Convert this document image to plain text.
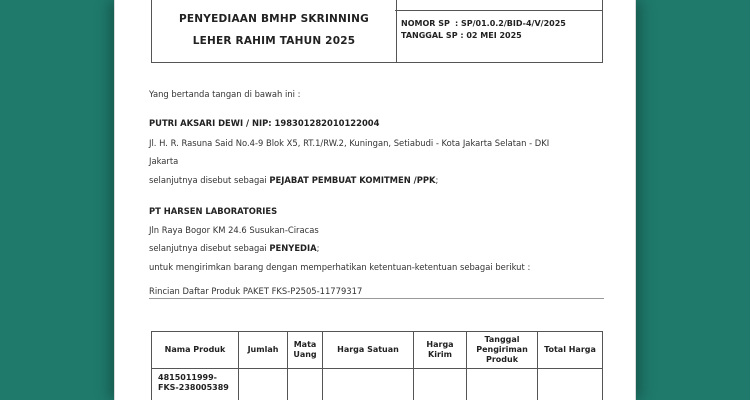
PENYEDIAAN BMHP SKRINNING
LEHER RAHIM TAHUN 2025
NOMOR SP : SP/01.0.2/BID-4/V/2025
TANGGAL SP : 02 MEI 2025
Yang bertanda tangan di bawah ini :
PUTRI AKSARI DEWI / NIP: 198301282010122004
Jl. H. R. Rasuna Said No.4-9 Blok X5, RT.1/RW.2, Kuningan, Setiabudi - Kota Jakarta Selatan - DKI
Jakarta
selanjutnya disebut sebagai PEJABAT PEMBUAT KOMITMEN /PPK;
PT HARSEN LABORATORIES
Jln Raya Bogor KM 24.6 Susukan-Ciracas
selanjutnya disebut sebagai PENYEDIA;
untuk mengirimkan barang dengan memperhatikan ketentuan-ketentuan sebagai berikut :
Rincian Daftar Produk PAKET FKS-P2505-11779317
Nama Produk	Jumlah	Mata Uang	Harga Satuan	Harga Kirim	Tanggal Pengiriman Produk	Total Harga
4815011999-FKS-238005389						
